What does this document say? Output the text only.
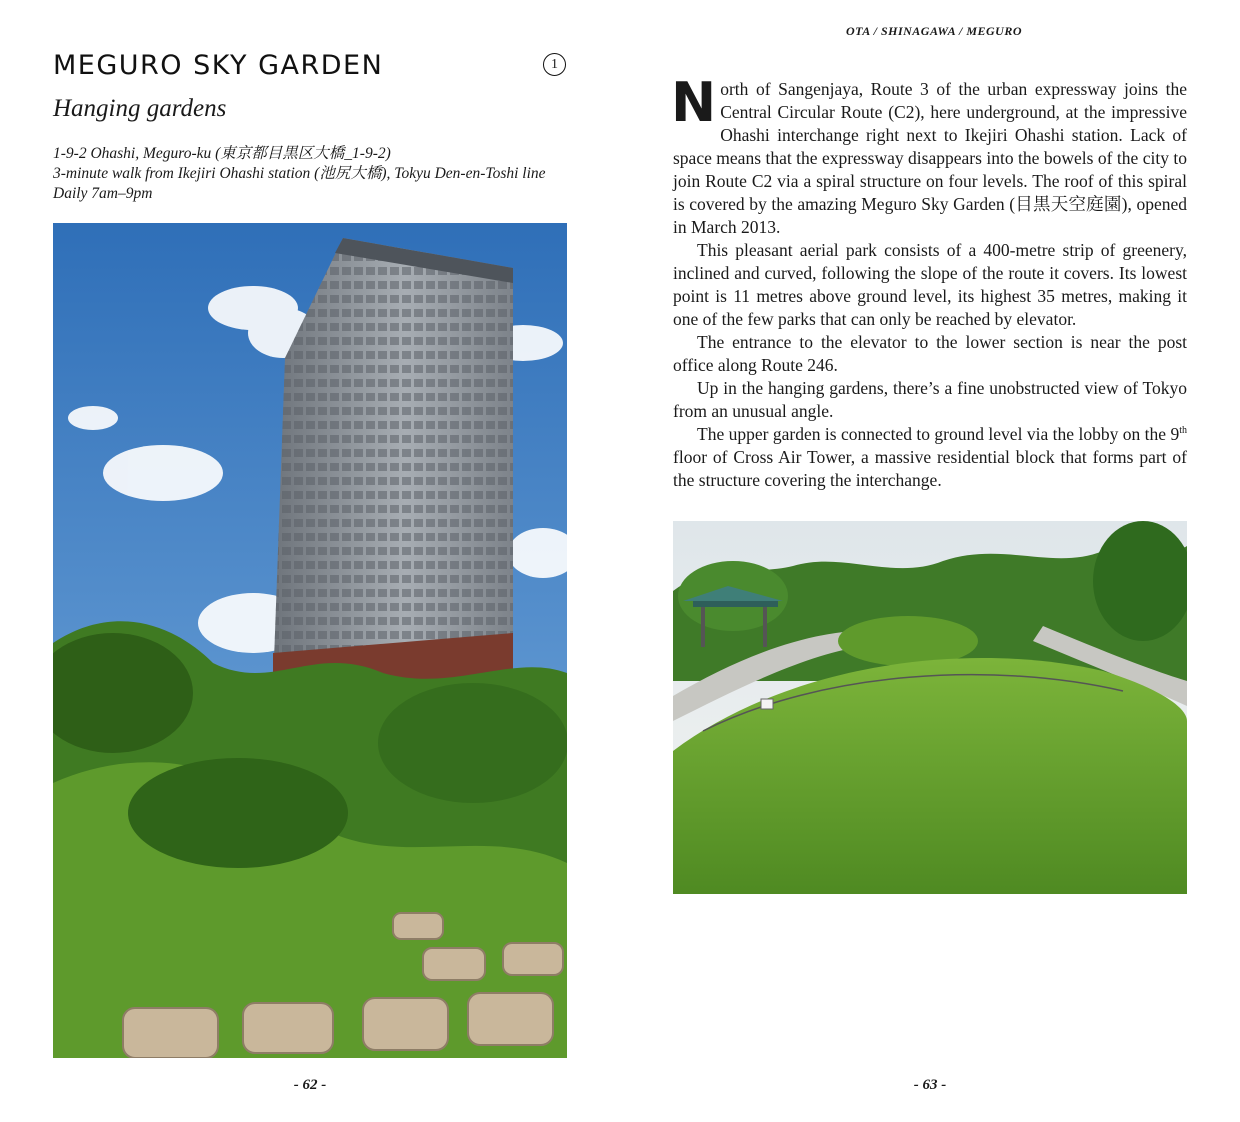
MEGURO SKY GARDEN	1
Hanging gardens
1-9-2 Ohashi, Meguro-ku (東京都目黒区大橋_1-9-2)
3-minute walk from Ikejiri Ohashi station (池尻大橋), Tokyu Den-en-Toshi line
Daily 7am–9pm
- 62 -
OTA / SHINAGAWA / MEGURO

North of Sangenjaya, Route 3 of the urban expressway joins the Central Circular Route (C2), here underground, at the impressive Ohashi interchange right next to Ikejiri Ohashi station. Lack of space means that the expressway disappears into the bowels of the city to join Route C2 via a spiral structure on four levels. The roof of this spiral is covered by the amazing Meguro Sky Garden (目黒天空庭園), opened in March 2013.

This pleasant aerial park consists of a 400-metre strip of greenery, inclined and curved, following the slope of the route it covers. Its lowest point is 11 metres above ground level, its highest 35 metres, making it one of the few parks that can only be reached by elevator.

The entrance to the elevator to the lower section is near the post office along Route 246.

Up in the hanging gardens, there’s a fine unobstructed view of Tokyo from an unusual angle.

The upper garden is connected to ground level via the lobby on the 9th floor of Cross Air Tower, a massive residential block that forms part of the structure covering the interchange.

- 63 -
